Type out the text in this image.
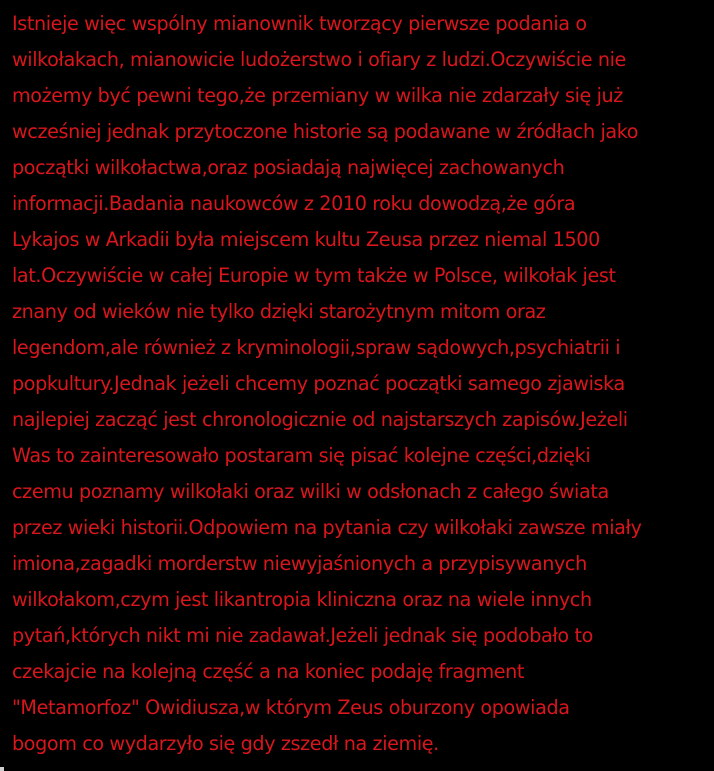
Istnieje więc wspólny mianownik tworzący pierwsze podania o
wilkołakach, mianowicie ludożerstwo i ofiary z ludzi.Oczywiście nie
możemy być pewni tego,że przemiany w wilka nie zdarzały się już
wcześniej jednak przytoczone historie są podawane w źródłach jako
początki wilkołactwa,oraz posiadają najwięcej zachowanych
informacji.Badania naukowców z 2010 roku dowodzą,że góra
Lykajos w Arkadii była miejscem kultu Zeusa przez niemal 1500
lat.Oczywiście w całej Europie w tym także w Polsce, wilkołak jest
znany od wieków nie tylko dzięki starożytnym mitom oraz
legendom,ale również z kryminologii,spraw sądowych,psychiatrii i
popkultury.Jednak jeżeli chcemy poznać początki samego zjawiska
najlepiej zacząć jest chronologicznie od najstarszych zapisów.Jeżeli
Was to zainteresowało postaram się pisać kolejne części,dzięki
czemu poznamy wilkołaki oraz wilki w odsłonach z całego świata
przez wieki historii.Odpowiem na pytania czy wilkołaki zawsze miały
imiona,zagadki morderstw niewyjaśnionych a przypisywanych
wilkołakom,czym jest likantropia kliniczna oraz na wiele innych
pytań,których nikt mi nie zadawał.Jeżeli jednak się podobało to
czekajcie na kolejną część a na koniec podaję fragment
"Metamorfoz" Owidiusza,w którym Zeus oburzony opowiada
bogom co wydarzyło się gdy zszedł na ziemię.
